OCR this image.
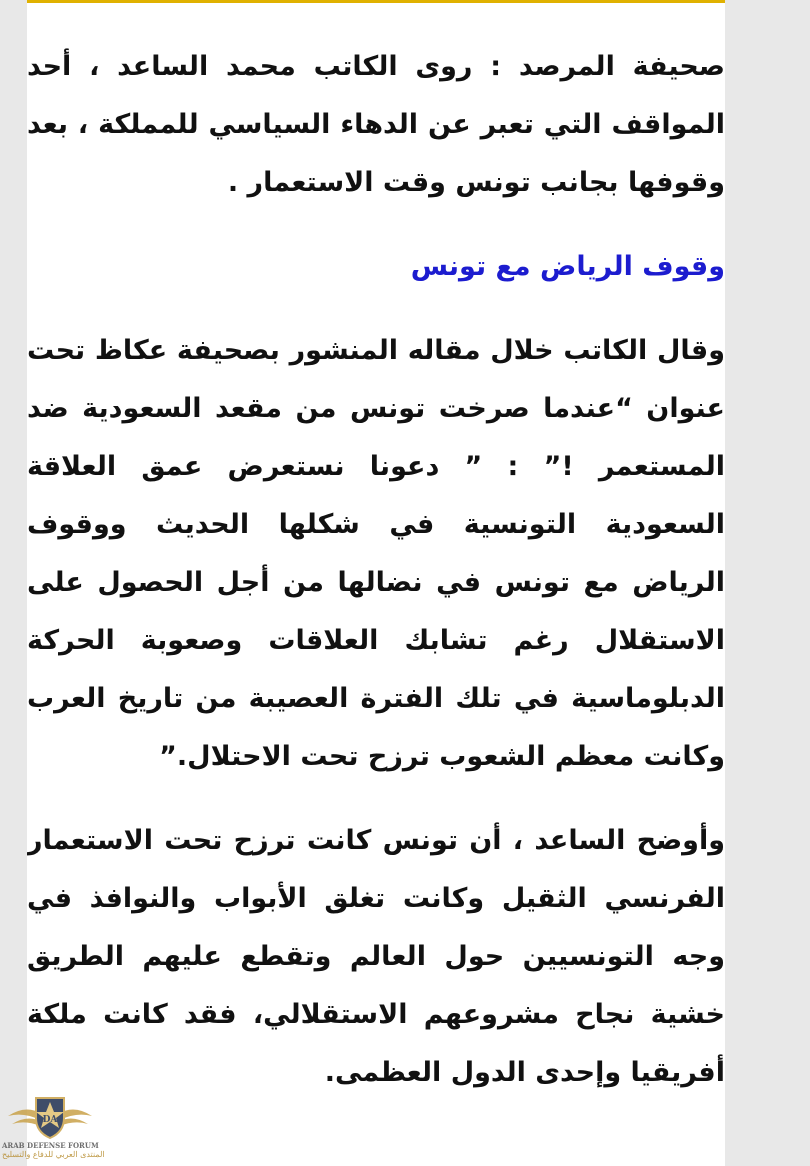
صحيفة المرصد : روى الكاتب محمد الساعد ، أحد المواقف التي تعبر عن الدهاء السياسي للمملكة ، بعد وقوفها بجانب تونس وقت الاستعمار .

وقوف الرياض مع تونس

وقال الكاتب خلال مقاله المنشور بصحيفة عكاظ تحت عنوان “عندما صرخت تونس من مقعد السعودية ضد المستعمر !” : ” دعونا نستعرض عمق العلاقة السعودية التونسية في شكلها الحديث ووقوف الرياض مع تونس في نضالها من أجل الحصول على الاستقلال رغم تشابك العلاقات وصعوبة الحركة الدبلوماسية في تلك الفترة العصيبة من تاريخ العرب وكانت معظم الشعوب ترزح تحت الاحتلال.”

وأوضح الساعد ، أن تونس كانت ترزح تحت الاستعمار الفرنسي الثقيل وكانت تغلق الأبواب والنوافذ في وجه التونسيين حول العالم وتقطع عليهم الطريق خشية نجاح مشروعهم الاستقلالي، فقد كانت ملكة أفريقيا وإحدى الدول العظمى.

DA
ARAB DEFENSE FORUM
المنتدى العربي للدفاع والتسليح
